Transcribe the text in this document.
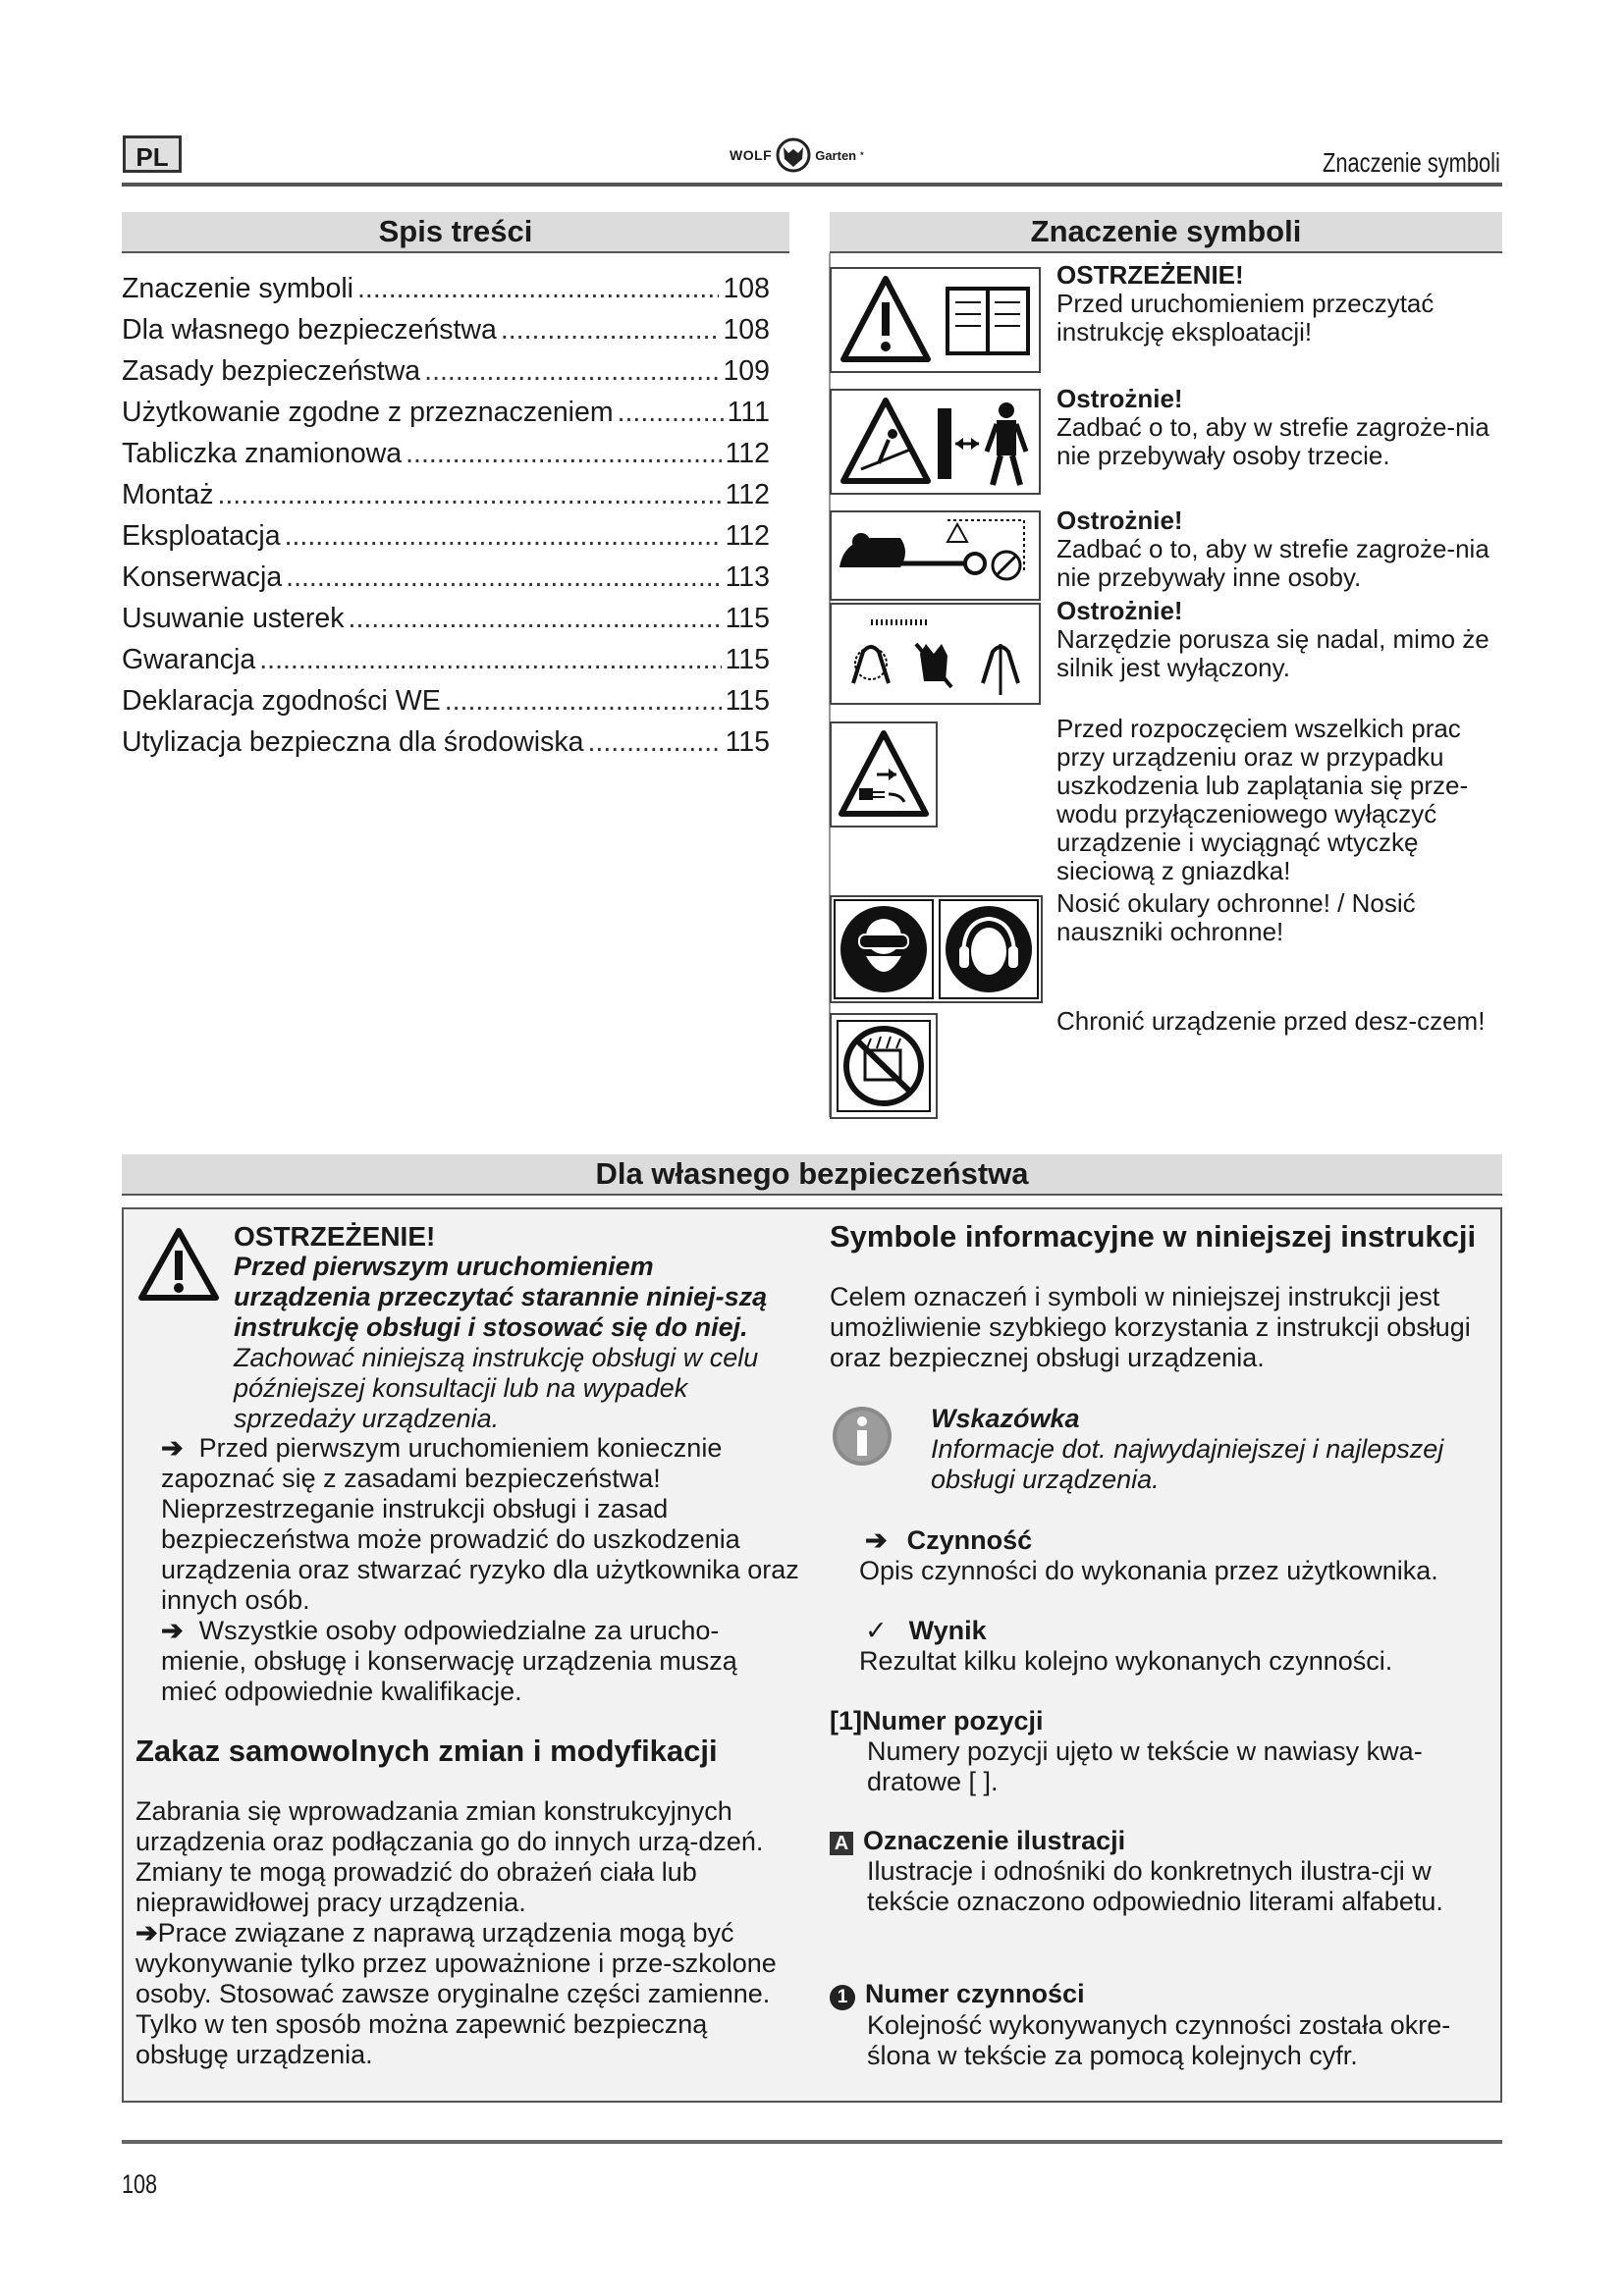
PL	WOLF	Garten *	Znaczenie symboli
Spis treści
Znaczenie symboli .....	108
Dla własnego bezpieczeństwa .....	108
Zasady bezpieczeństwa .....	109
Użytkowanie zgodne z przeznaczeniem .....	111
Tabliczka znamionowa .....	112
Montaż .....	112
Eksploatacja .....	112
Konserwacja .....	113
Usuwanie usterek .....	115
Gwarancja .....	115
Deklaracja zgodności WE .....	115
Utylizacja bezpieczna dla środowiska .....	115
Znaczenie symboli
OSTRZEŻENIE!
Przed uruchomieniem przeczytać instrukcję eksploatacji!
Ostrożnie!
Zadbać o to, aby w strefie zagroże-nia nie przebywały osoby trzecie.
Ostrożnie!
Zadbać o to, aby w strefie zagroże-nia nie przebywały inne osoby.
Ostrożnie!
Narzędzie porusza się nadal, mimo że silnik jest wyłączony.
Przed rozpoczęciem wszelkich prac przy urządzeniu oraz w przypadku uszkodzenia lub zaplątania się prze-wodu przyłączeniowego wyłączyć urządzenie i wyciągnąć wtyczkę sieciową z gniazdka!
Nosić okulary ochronne! / Nosić nauszniki ochronne!
Chronić urządzenie przed desz-czem!
Dla własnego bezpieczeństwa
OSTRZEŻENIE!
Przed pierwszym uruchomieniem urządzenia przeczytać starannie niniej-szą instrukcję obsługi i stosować się do niej. Zachować niniejszą instrukcję obsługi w celu późniejszej konsultacji lub na wypadek sprzedaży urządzenia.
➔ Przed pierwszym uruchomieniem koniecznie zapoznać się z zasadami bezpieczeństwa! Nieprzestrzeganie instrukcji obsługi i zasad bezpieczeństwa może prowadzić do uszkodzenia urządzenia oraz stwarzać ryzyko dla użytkownika oraz innych osób.
➔ Wszystkie osoby odpowiedzialne za urucho-mienie, obsługę i konserwację urządzenia muszą mieć odpowiednie kwalifikacje.
Zakaz samowolnych zmian i modyfikacji
Zabrania się wprowadzania zmian konstrukcyjnych urządzenia oraz podłączania go do innych urzą-dzeń. Zmiany te mogą prowadzić do obrażeń ciała lub nieprawidłowej pracy urządzenia.
➔Prace związane z naprawą urządzenia mogą być wykonywanie tylko przez upoważnione i prze-szkolone osoby. Stosować zawsze oryginalne części zamienne. Tylko w ten sposób można zapewnić bezpieczną obsługę urządzenia.
Symbole informacyjne w niniejszej instrukcji
Celem oznaczeń i symboli w niniejszej instrukcji jest umożliwienie szybkiego korzystania z instrukcji obsługi oraz bezpiecznej obsługi urządzenia.
Wskazówka
Informacje dot. najwydajniejszej i najlepszej obsługi urządzenia.
➔ Czynność
Opis czynności do wykonania przez użytkownika.
✓ Wynik
Rezultat kilku kolejno wykonanych czynności.
[1]Numer pozycji
Numery pozycji ujęto w tekście w nawiasy kwa-dratowe [ ].
A Oznaczenie ilustracji
Ilustracje i odnośniki do konkretnych ilustra-cji w tekście oznaczono odpowiednio literami alfabetu.
1 Numer czynności
Kolejność wykonywanych czynności została okre-ślona w tekście za pomocą kolejnych cyfr.
108
